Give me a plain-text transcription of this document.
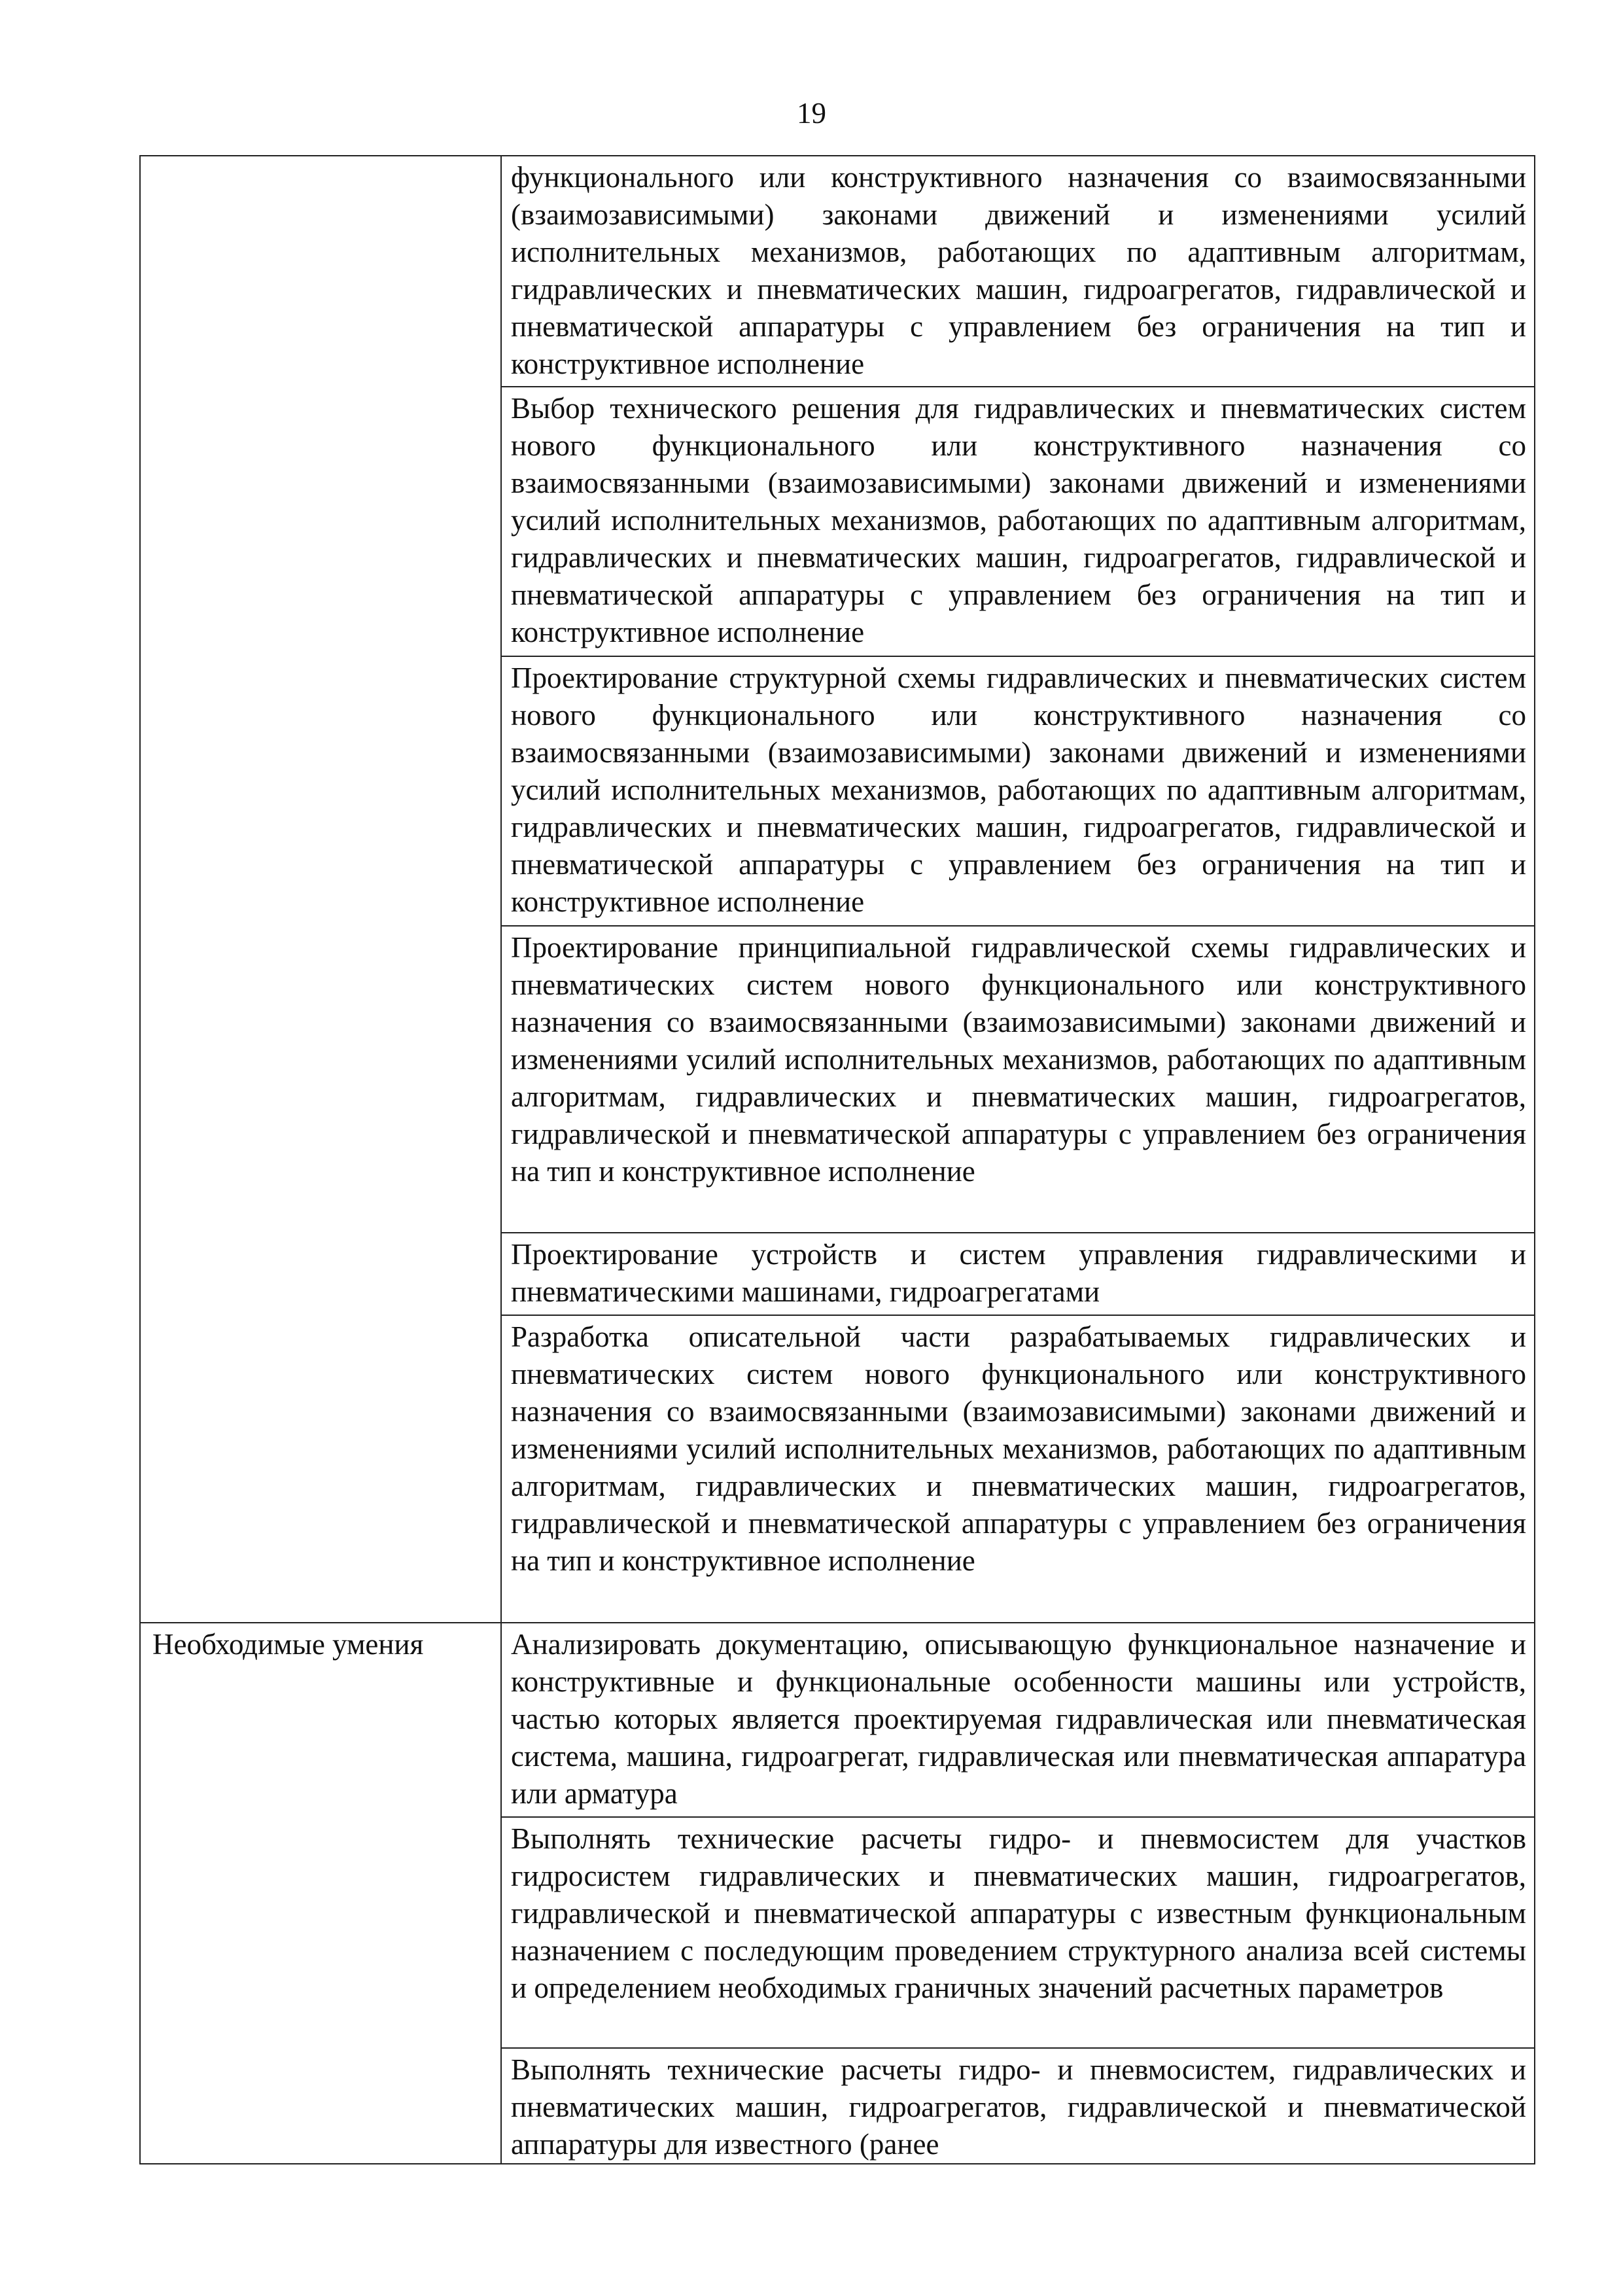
19

	функционального или конструктивного назначения со взаимосвязанными (взаимозависимыми) законами движений и изменениями усилий исполнительных механизмов, работающих по адаптивным алгоритмам, гидравлических и пневматических машин, гидроагрегатов, гидравлической и пневматической аппаратуры с управлением без ограничения на тип и конструктивное исполнение

	Выбор технического решения для гидравлических и пневматических систем нового функционального или конструктивного назначения со взаимосвязанными (взаимозависимыми) законами движений и изменениями усилий исполнительных механизмов, работающих по адаптивным алгоритмам, гидравлических и пневматических машин, гидроагрегатов, гидравлической и пневматической аппаратуры с управлением без ограничения на тип и конструктивное исполнение

	Проектирование структурной схемы гидравлических и пневматических систем нового функционального или конструктивного назначения со взаимосвязанными (взаимозависимыми) законами движений и изменениями усилий исполнительных механизмов, работающих по адаптивным алгоритмам, гидравлических и пневматических машин, гидроагрегатов, гидравлической и пневматической аппаратуры с управлением без ограничения на тип и конструктивное исполнение

	Проектирование принципиальной гидравлической схемы гидравлических и пневматических систем нового функционального или конструктивного назначения со взаимосвязанными (взаимозависимыми) законами движений и изменениями усилий исполнительных механизмов, работающих по адаптивным алгоритмам, гидравлических и пневматических машин, гидроагрегатов, гидравлической и пневматической аппаратуры с управлением без ограничения на тип и конструктивное исполнение

	Проектирование устройств и систем управления гидравлическими и пневматическими машинами, гидроагрегатами

	Разработка описательной части разрабатываемых гидравлических и пневматических систем нового функционального или конструктивного назначения со взаимосвязанными (взаимозависимыми) законами движений и изменениями усилий исполнительных механизмов, работающих по адаптивным алгоритмам, гидравлических и пневматических машин, гидроагрегатов, гидравлической и пневматической аппаратуры с управлением без ограничения на тип и конструктивное исполнение

Необходимые умения	Анализировать документацию, описывающую функциональное назначение и конструктивные и функциональные особенности машины или устройств, частью которых является проектируемая гидравлическая или пневматическая система, машина, гидроагрегат, гидравлическая или пневматическая аппаратура или арматура

	Выполнять технические расчеты гидро- и пневмосистем для участков гидросистем гидравлических и пневматических машин, гидроагрегатов, гидравлической и пневматической аппаратуры с известным функциональным назначением с последующим проведением структурного анализа всей системы и определением необходимых граничных значений расчетных параметров

	Выполнять технические расчеты гидро- и пневмосистем, гидравлических и пневматических машин, гидроагрегатов, гидравлической и пневматической аппаратуры для известного (ранее
